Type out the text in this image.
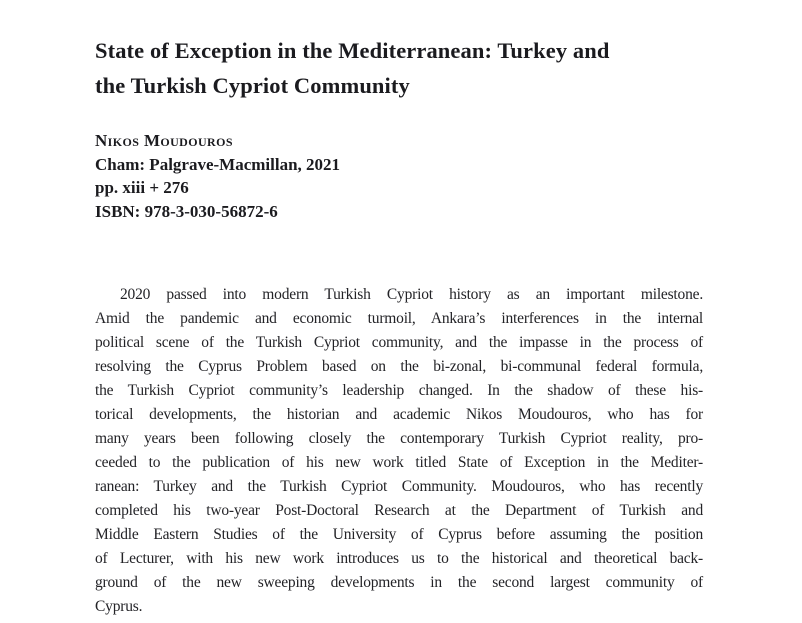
State of Exception in the Mediterranean: Turkey and
the Turkish Cypriot Community
Nikos Moudouros
Cham: Palgrave-Macmillan, 2021
pp. xiii + 276
ISBN: 978-3-030-56872-6
2020 passed into modern Turkish Cypriot history as an important milestone.
Amid the pandemic and economic turmoil, Ankara’s interferences in the internal
political scene of the Turkish Cypriot community, and the impasse in the process of
resolving the Cyprus Problem based on the bi-zonal, bi-communal federal formula,
the Turkish Cypriot community’s leadership changed. In the shadow of these his-
torical developments, the historian and academic Nikos Moudouros, who has for
many years been following closely the contemporary Turkish Cypriot reality, pro-
ceeded to the publication of his new work titled State of Exception in the Mediter-
ranean: Turkey and the Turkish Cypriot Community. Moudouros, who has recently
completed his two-year Post-Doctoral Research at the Department of Turkish and
Middle Eastern Studies of the University of Cyprus before assuming the position
of Lecturer, with his new work introduces us to the historical and theoretical back-
ground of the new sweeping developments in the second largest community of
Cyprus.
